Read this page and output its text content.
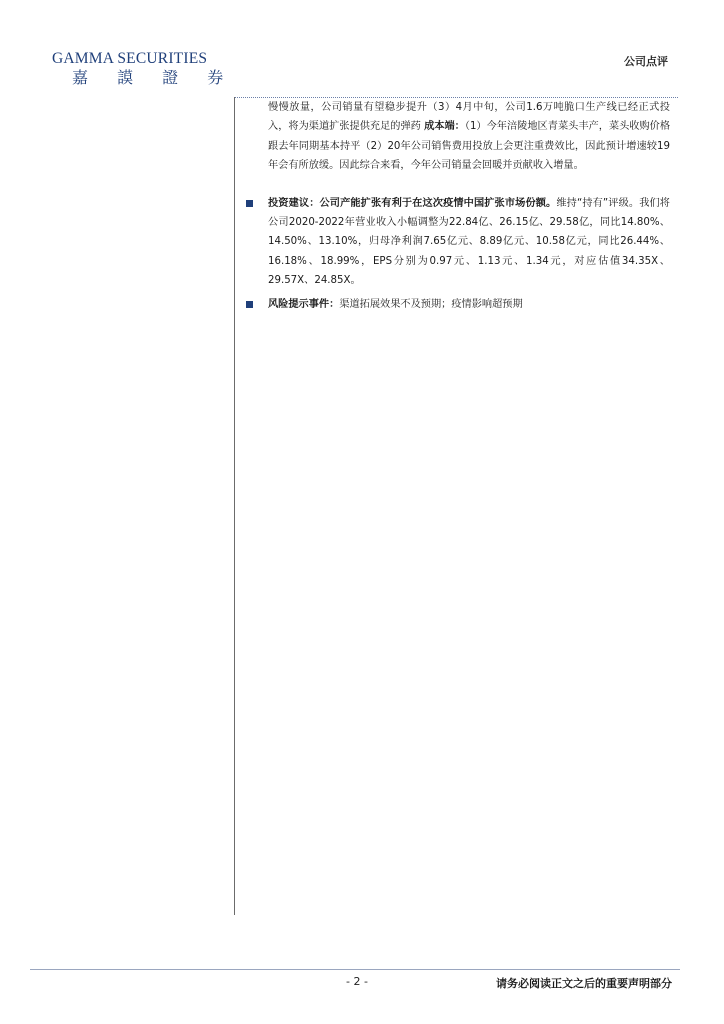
GAMMA SECURITIES
嘉 謨 證 券
公司点评

慢慢放量，公司销量有望稳步提升（3）4月中旬，公司1.6万吨脆口生产线已经正式投入，将为渠道扩张提供充足的弹药 成本端：（1）今年涪陵地区青菜头丰产，菜头收购价格跟去年同期基本持平（2）20年公司销售费用投放上会更注重费效比，因此预计增速较19年会有所放缓。因此综合来看，今年公司销量会回暖并贡献收入增量。

投资建议：公司产能扩张有利于在这次疫情中国扩张市场份额。维持“持有”评级。我们将公司2020-2022年营业收入小幅调整为22.84亿、26.15亿、29.58亿，同比14.80%、14.50%、13.10%，归母净利润7.65亿元、8.89亿元、10.58亿元，同比26.44%、16.18%、18.99%，EPS分别为0.97元、1.13元、1.34元，对应估值34.35X、29.57X、24.85X。
风险提示事件：渠道拓展效果不及预期；疫情影响超预期
- 2 -	请务必阅读正文之后的重要声明部分
